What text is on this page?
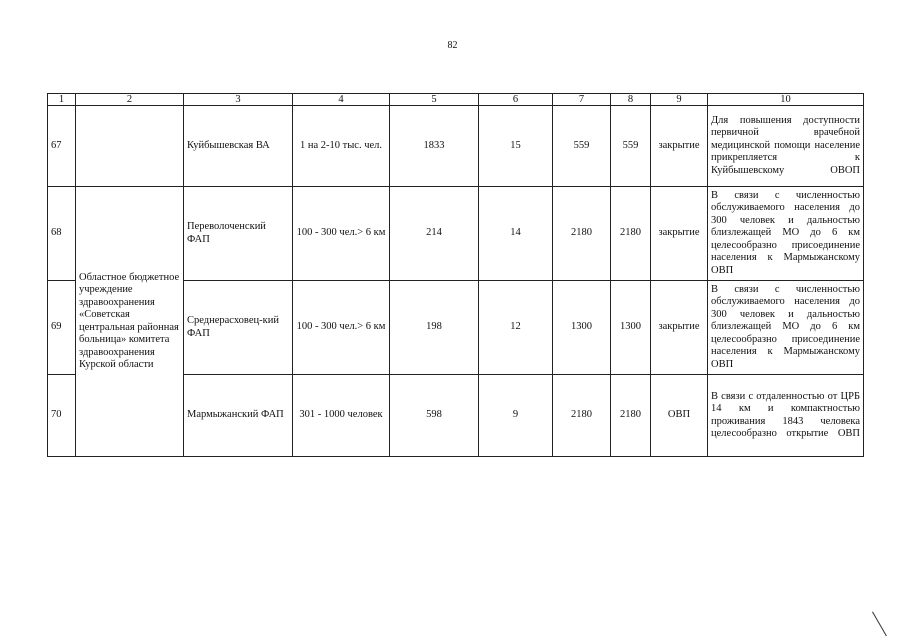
82
1	2	3	4	5	6	7	8	9	10
67		Куйбышевская ВА	1 на 2-10 тыс. чел.	1833	15	559	559	закрытие	Для повышения доступности первичной врачебной медицинской помощи население прикрепляется к Куйбышевскому ОВОП
68	Областное бюджетное учреждение здравоохранения «Советская центральная районная больница» комитета здравоохранения Курской области	Переволоченский ФАП	100 - 300 чел.> 6 км	214	14	2180	2180	закрытие	В связи с численностью обслуживаемого населения до 300 человек и дальностью близлежащей МО до 6 км целесообразно присоединение населения к Мармыжанскому ОВП
69		Среднерасховец-кий ФАП	100 - 300 чел.> 6 км	198	12	1300	1300	закрытие	В связи с численностью обслуживаемого населения до 300 человек и дальностью близлежащей МО до 6 км целесообразно присоединение населения к Мармыжанскому ОВП
70		Мармыжанский ФАП	301 - 1000 человек	598	9	2180	2180	ОВП	В связи с отдаленностью от ЦРБ 14 км и компактностью проживания 1843 человека целесообразно открытие ОВП
